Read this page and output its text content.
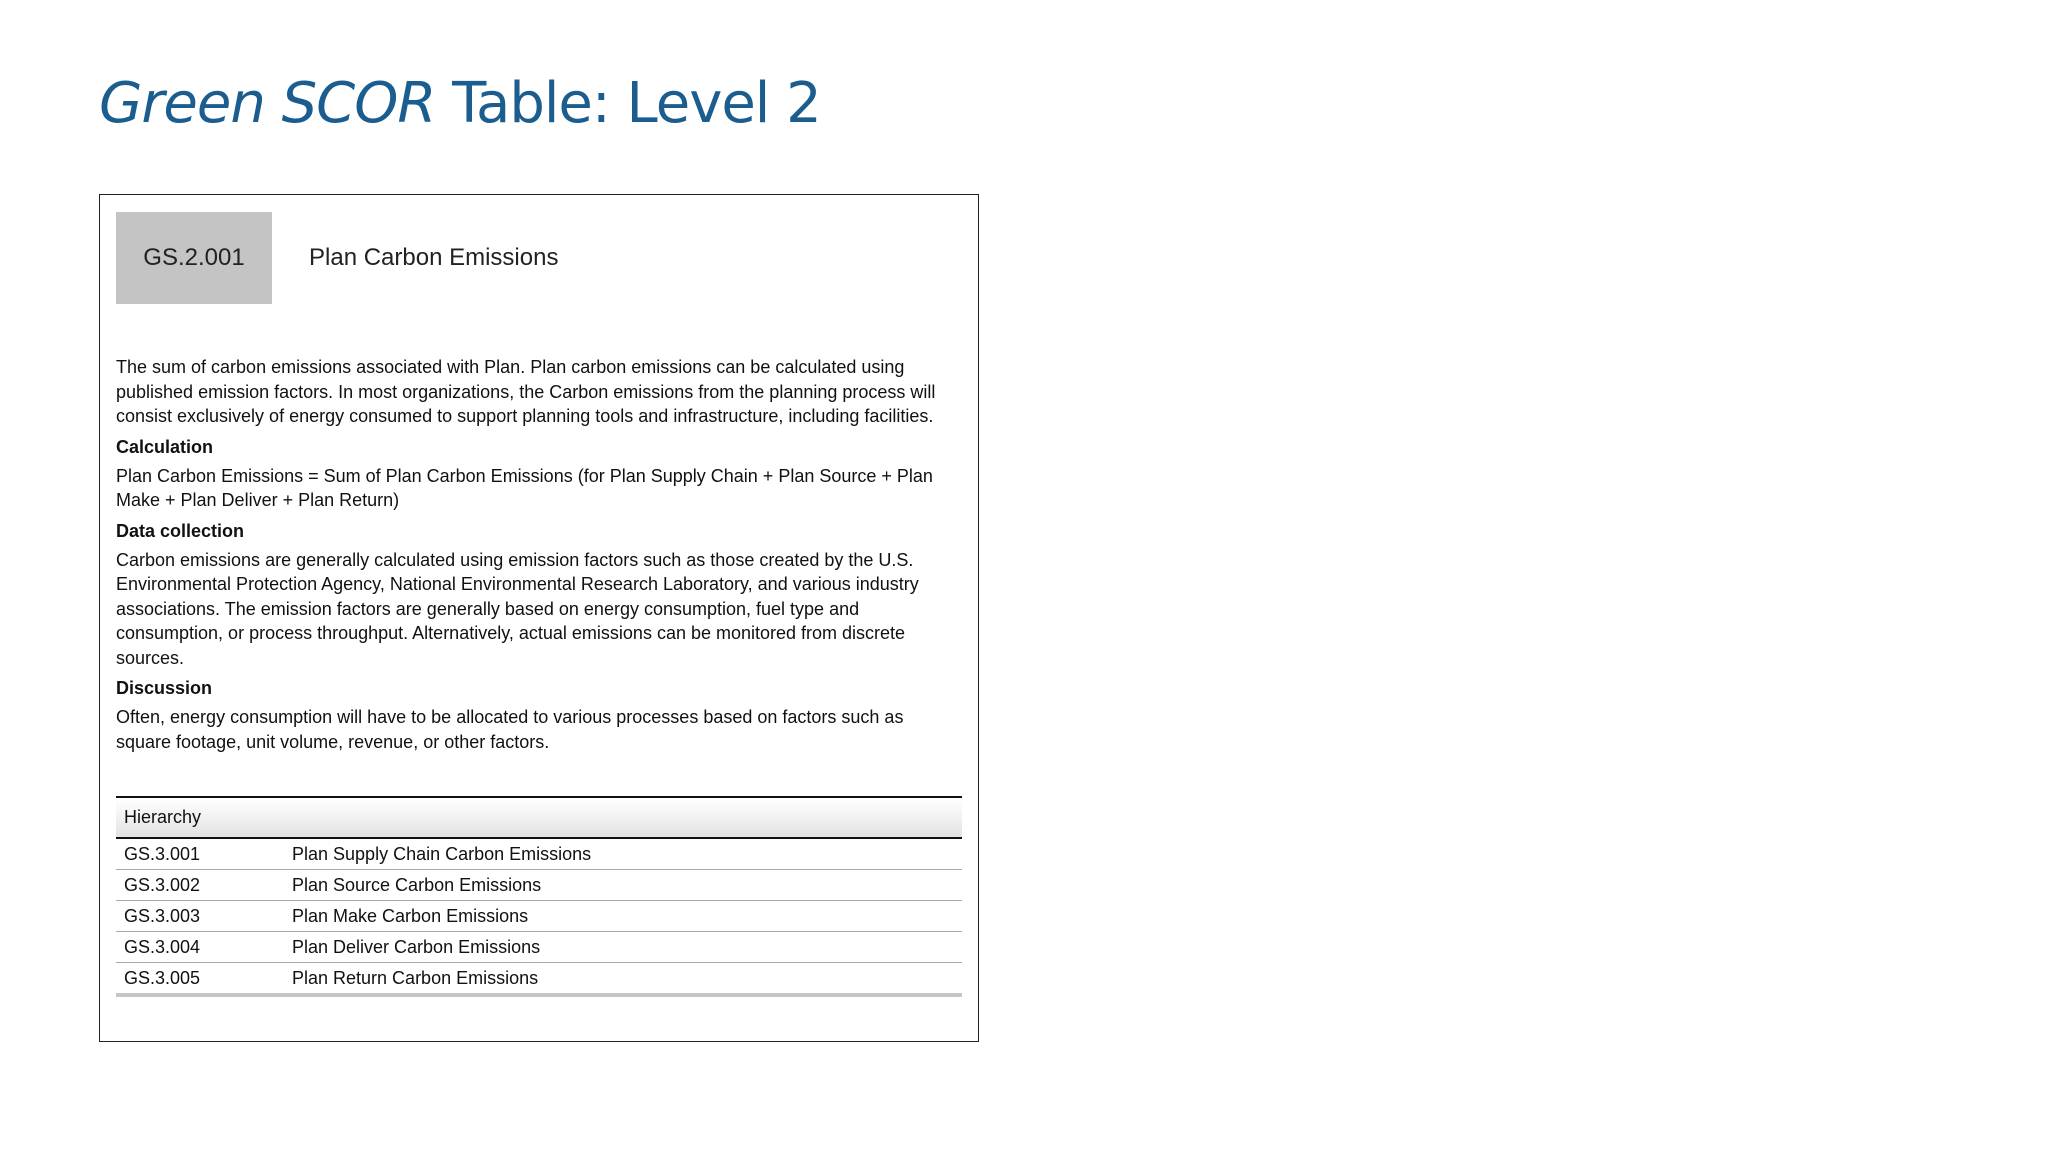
Green SCOR Table: Level 2
GS.2.001	Plan Carbon Emissions

The sum of carbon emissions associated with Plan. Plan carbon emissions can be calculated using published emission factors. In most organizations, the Carbon emissions from the planning process will consist exclusively of energy consumed to support planning tools and infrastructure, including facilities.

Calculation

Plan Carbon Emissions = Sum of Plan Carbon Emissions (for Plan Supply Chain + Plan Source + Plan Make + Plan Deliver + Plan Return)

Data collection

Carbon emissions are generally calculated using emission factors such as those created by the U.S. Environmental Protection Agency, National Environmental Research Laboratory, and various industry associations. The emission factors are generally based on energy consumption, fuel type and consumption, or process throughput. Alternatively, actual emissions can be monitored from discrete sources.

Discussion

Often, energy consumption will have to be allocated to various processes based on factors such as square footage, unit volume, revenue, or other factors.

Hierarchy	
GS.3.001	Plan Supply Chain Carbon Emissions
GS.3.002	Plan Source Carbon Emissions
GS.3.003	Plan Make Carbon Emissions
GS.3.004	Plan Deliver Carbon Emissions
GS.3.005	Plan Return Carbon Emissions
